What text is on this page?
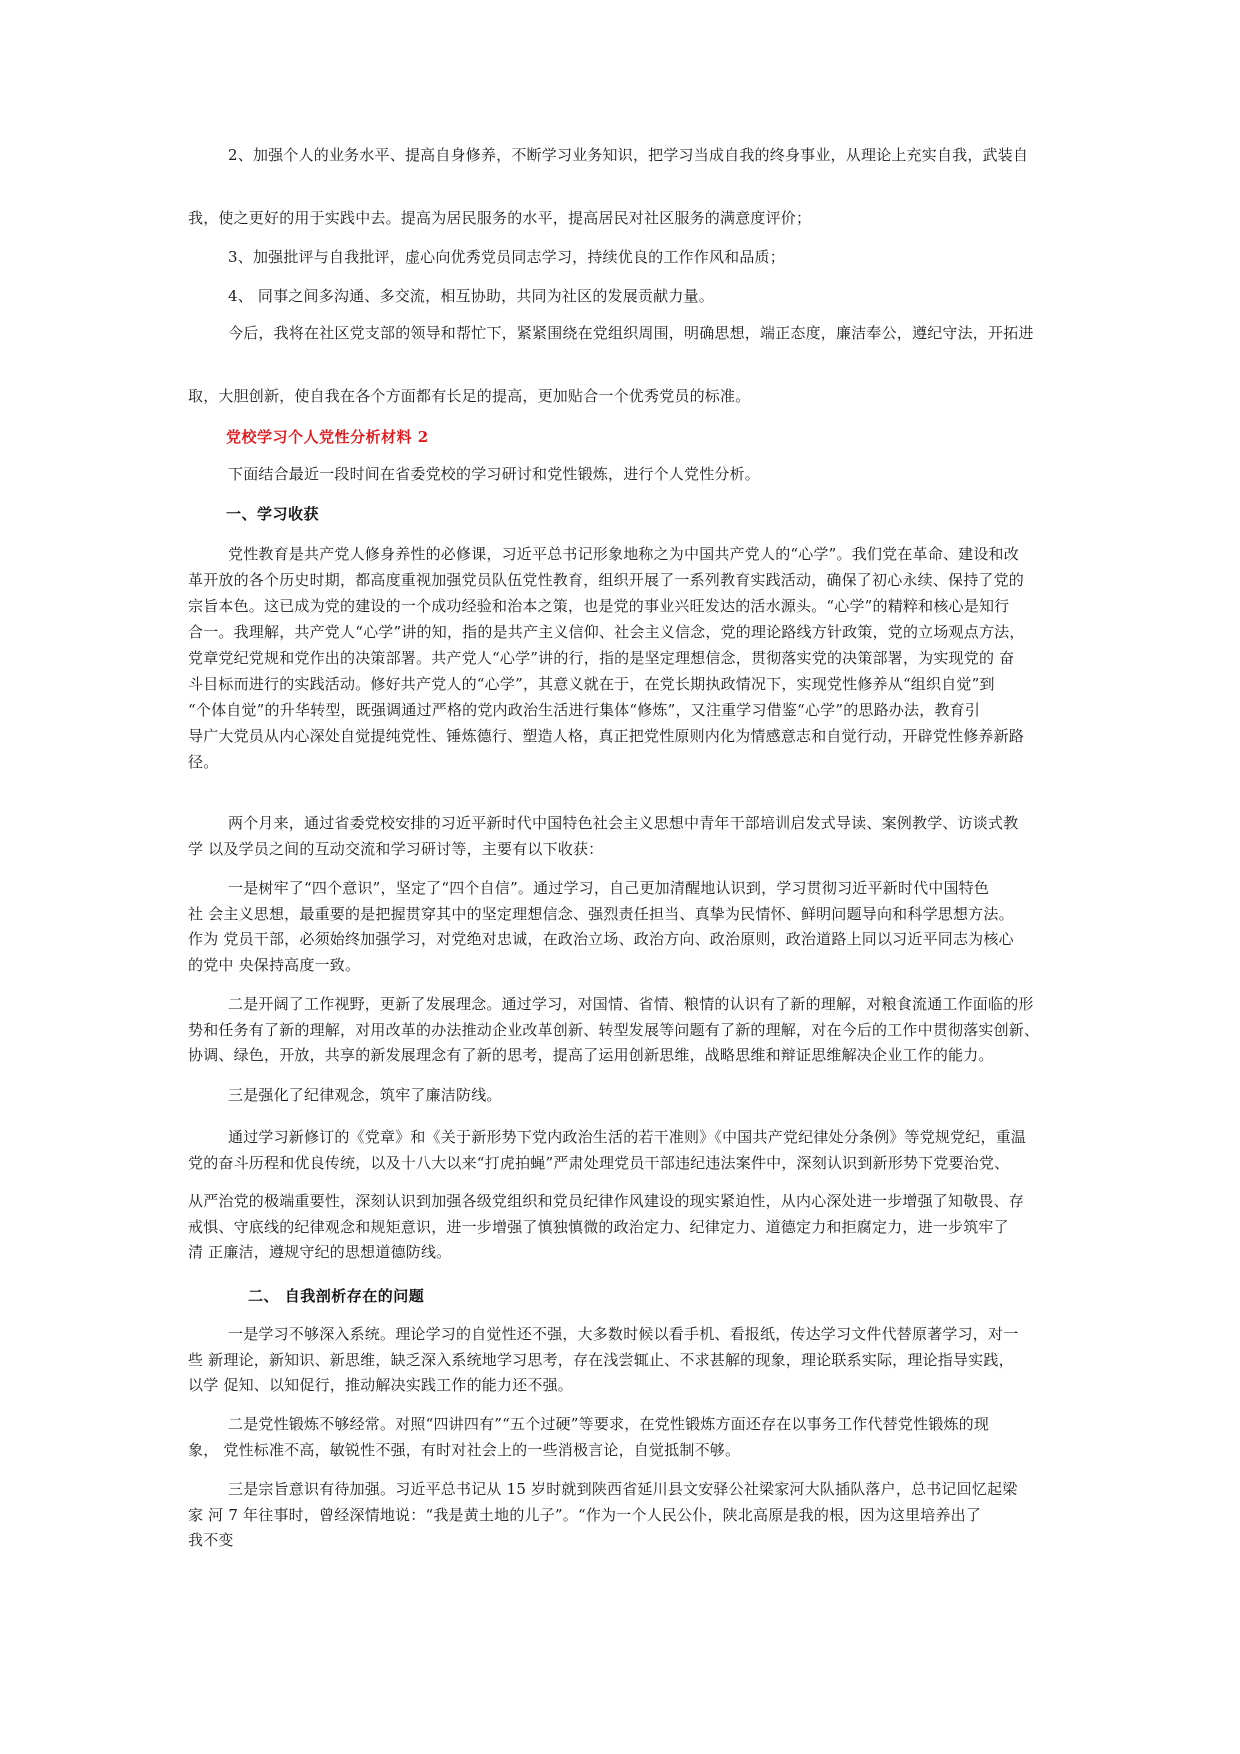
2、加强个人的业务水平、提高自身修养，不断学习业务知识，把学习当成自我的终身事业，从理论上充实自我，武装自

我，使之更好的用于实践中去。提高为居民服务的水平，提高居民对社区服务的满意度评价；

3、加强批评与自我批评，虚心向优秀党员同志学习，持续优良的工作作风和品质；

4、 同事之间多沟通、多交流，相互协助，共同为社区的发展贡献力量。

今后，我将在社区党支部的领导和帮忙下，紧紧围绕在党组织周围，明确思想，端正态度，廉洁奉公，遵纪守法，开拓进

取，大胆创新，使自我在各个方面都有长足的提高，更加贴合一个优秀党员的标准。

党校学习个人党性分析材料 2

下面结合最近一段时间在省委党校的学习研讨和党性锻炼，进行个人党性分析。

一、学习收获

党性教育是共产党人修身养性的必修课，习近平总书记形象地称之为中国共产党人的“心学”。我们党在革命、建设和改
革开放的各个历史时期，都高度重视加强党员队伍党性教育，组织开展了一系列教育实践活动，确保了初心永续、保持了党的
宗旨本色。这已成为党的建设的一个成功经验和治本之策，也是党的事业兴旺发达的活水源头。“心学”的精粹和核心是知行
合一。我理解，共产党人“心学”讲的知，指的是共产主义信仰、社会主义信念，党的理论路线方针政策，党的立场观点方法，
党章党纪党规和党作出的决策部署。共产党人“心学”讲的行，指的是坚定理想信念，贯彻落实党的决策部署，为实现党的 奋
斗目标而进行的实践活动。修好共产党人的“心学”，其意义就在于，在党长期执政情况下，实现党性修养从“组织自觉”到
“个体自觉”的升华转型，既强调通过严格的党内政治生活进行集体“修炼”，又注重学习借鉴“心学”的思路办法，教育引
导广大党员从内心深处自觉提纯党性、锤炼德行、塑造人格，真正把党性原则内化为情感意志和自觉行动，开辟党性修养新路
径。

两个月来，通过省委党校安排的习近平新时代中国特色社会主义思想中青年干部培训启发式导读、案例教学、访谈式教
学 以及学员之间的互动交流和学习研讨等，主要有以下收获：

一是树牢了“四个意识”，坚定了“四个自信”。通过学习，自己更加清醒地认识到，学习贯彻习近平新时代中国特色
社 会主义思想，最重要的是把握贯穿其中的坚定理想信念、强烈责任担当、真挚为民情怀、鲜明问题导向和科学思想方法。
作为 党员干部，必须始终加强学习，对党绝对忠诚，在政治立场、政治方向、政治原则，政治道路上同以习近平同志为核心
的党中 央保持高度一致。

二是开阔了工作视野，更新了发展理念。通过学习，对国情、省情、粮情的认识有了新的理解，对粮食流通工作面临的形
势和任务有了新的理解，对用改革的办法推动企业改革创新、转型发展等问题有了新的理解，对在今后的工作中贯彻落实创新、
协调、绿色，开放，共享的新发展理念有了新的思考，提高了运用创新思维，战略思维和辩证思维解决企业工作的能力。

三是强化了纪律观念，筑牢了廉洁防线。

通过学习新修订的《党章》和《关于新形势下党内政治生活的若干准则》《中国共产党纪律处分条例》等党规党纪，重温
党的奋斗历程和优良传统，以及十八大以来“打虎拍蝇”严肃处理党员干部违纪违法案件中，深刻认识到新形势下党要治党、

从严治党的极端重要性，深刻认识到加强各级党组织和党员纪律作风建设的现实紧迫性，从内心深处进一步增强了知敬畏、存
戒惧、守底线的纪律观念和规矩意识，进一步增强了慎独慎微的政治定力、纪律定力、道德定力和拒腐定力，进一步筑牢了
清 正廉洁，遵规守纪的思想道德防线。

二、 自我剖析存在的问题

一是学习不够深入系统。理论学习的自觉性还不强，大多数时候以看手机、看报纸，传达学习文件代替原著学习，对一
些 新理论，新知识、新思维，缺乏深入系统地学习思考，存在浅尝辄止、不求甚解的现象，理论联系实际，理论指导实践，
以学 促知、以知促行，推动解决实践工作的能力还不强。

二是党性锻炼不够经常。对照“四讲四有”“五个过硬”等要求，在党性锻炼方面还存在以事务工作代替党性锻炼的现
象， 党性标准不高，敏锐性不强，有时对社会上的一些消极言论，自觉抵制不够。

三是宗旨意识有待加强。习近平总书记从 15 岁时就到陕西省延川县文安驿公社梁家河大队插队落户，总书记回忆起梁
家 河 7 年往事时，曾经深情地说：“我是黄土地的儿子”。“作为一个人民公仆，陕北高原是我的根，因为这里培养出了
我不变
